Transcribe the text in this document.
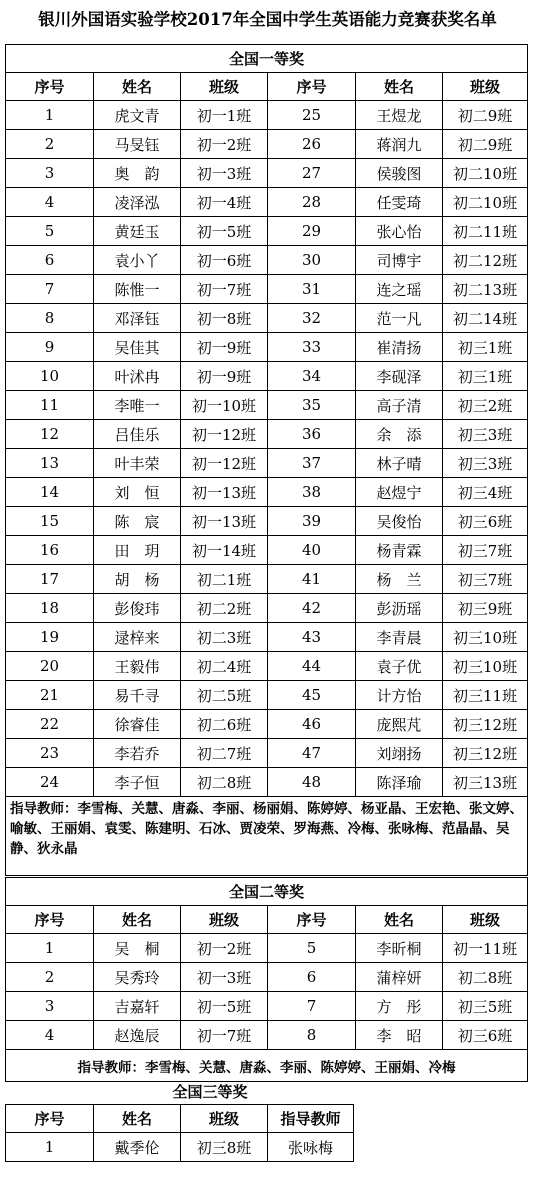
银川外国语实验学校2017年全国中学生英语能力竞赛获奖名单
全国一等奖					
序号	姓名	班级	序号	姓名	班级
1	虎文青	初一1班	25	王煜龙	初二9班
2	马旻钰	初一2班	26	蒋润九	初二9班
3	奥　韵	初一3班	27	侯骏图	初二10班
4	凌泽泓	初一4班	28	任雯琦	初二10班
5	黄廷玉	初一5班	29	张心怡	初二11班
6	袁小丫	初一6班	30	司博宇	初二12班
7	陈惟一	初一7班	31	连之瑶	初二13班
8	邓泽钰	初一8班	32	范一凡	初二14班
9	吴佳其	初一9班	33	崔清扬	初三1班
10	叶沭冉	初一9班	34	李砚泽	初三1班
11	李唯一	初一10班	35	高子清	初三2班
12	吕佳乐	初一12班	36	余　添	初三3班
13	叶丰荣	初一12班	37	林子晴	初三3班
14	刘　恒	初一13班	38	赵煜宁	初三4班
15	陈　宸	初一13班	39	吴俊怡	初三6班
16	田　玥	初一14班	40	杨青霖	初三7班
17	胡　杨	初二1班	41	杨　兰	初三7班
18	彭俊玮	初二2班	42	彭沥瑶	初三9班
19	逯梓来	初二3班	43	李青晨	初三10班
20	王毅伟	初二4班	44	袁子优	初三10班
21	易千寻	初二5班	45	计方怡	初三11班
22	徐睿佳	初二6班	46	庞熙芃	初三12班
23	李若乔	初二7班	47	刘翊扬	初三12班
24	李子恒	初二8班	48	陈泽瑜	初三13班
指导教师：李雪梅、关慧、唐淼、李丽、杨丽娟、陈婷婷、杨亚晶、王宏艳、张文婷、喻敏、王丽娟、袁雯、陈建明、石冰、贾凌荣、罗海燕、冷梅、张咏梅、范晶晶、吴静、狄永晶					
全国二等奖					
序号	姓名	班级	序号	姓名	班级
1	吴　桐	初一2班	5	李昕桐	初一11班
2	吴秀玲	初一3班	6	蒲梓妍	初二8班
3	吉嘉轩	初一5班	7	方　彤	初三5班
4	赵逸辰	初一7班	8	李　昭	初三6班
指导教师：李雪梅、关慧、唐淼、李丽、陈婷婷、王丽娟、冷梅					
全国三等奖
序号	姓名	班级	指导教师
1	戴季伦	初三8班	张咏梅
